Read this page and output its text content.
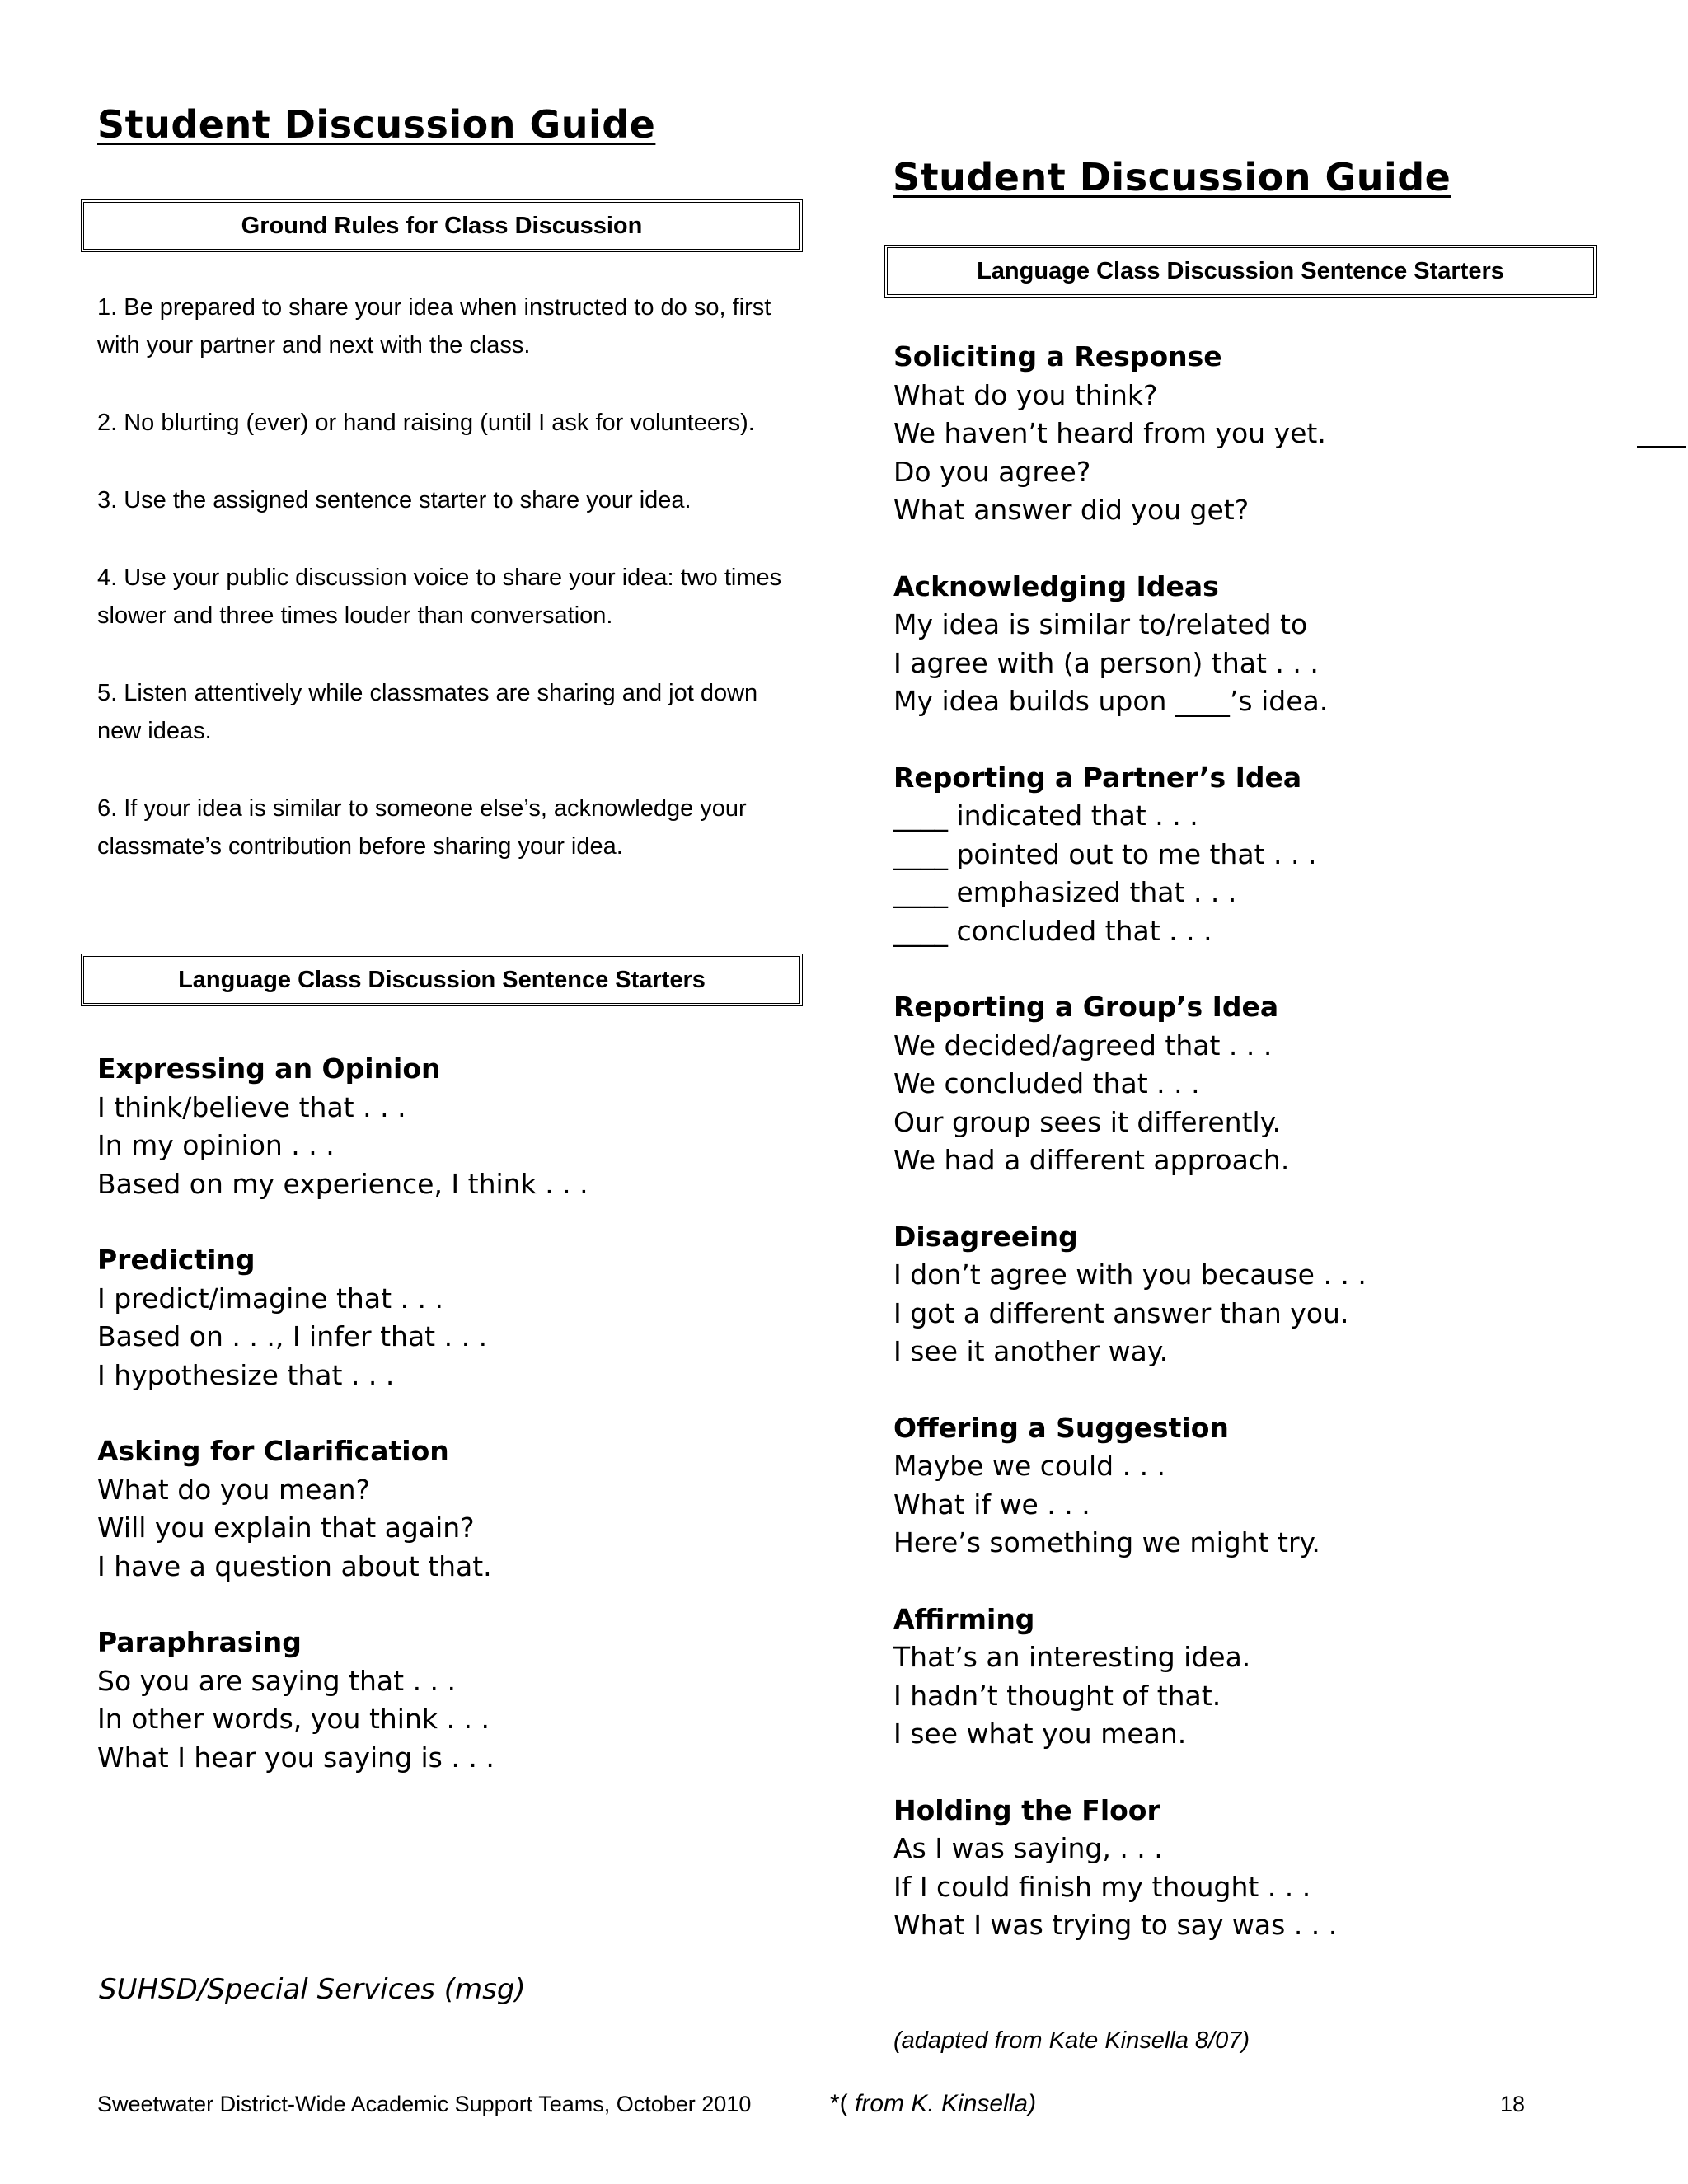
Student Discussion Guide
Ground Rules for Class Discussion

1. Be prepared to share your idea when instructed to do so, first with your partner and next with the class.

2. No blurting (ever) or hand raising (until I ask for volunteers).

3. Use the assigned sentence starter to share your idea.

4. Use your public discussion voice to share your idea: two times slower and three times louder than conversation.

5. Listen attentively while classmates are sharing and jot down new ideas.

6. If your idea is similar to someone else’s, acknowledge your classmate’s contribution before sharing your idea.

Language Class Discussion Sentence Starters
Expressing an Opinion
I think/believe that . . .
In my opinion . . .
Based on my experience, I think . . .
Predicting
I predict/imagine that . . .
Based on . . ., I infer that . . .
I hypothesize that . . .
Asking for Clarification
What do you mean?
Will you explain that again?
I have a question about that.
Paraphrasing
So you are saying that . . .
In other words, you think . . .
What I hear you saying is . . .
SUHSD/Special Services (msg)
Student Discussion Guide
Language Class Discussion Sentence Starters
Soliciting a Response
What do you think?
We haven’t heard from you yet.
Do you agree?
What answer did you get?
Acknowledging Ideas
My idea is similar to/related to
I agree with (a person) that . . .
My idea builds upon ____’s idea.
Reporting a Partner’s Idea
____ indicated that . . .
____ pointed out to me that . . .
____ emphasized that . . .
____ concluded that . . .
Reporting a Group’s Idea
We decided/agreed that . . .
We concluded that . . .
Our group sees it differently.
We had a different approach.
Disagreeing
I don’t agree with you because . . .
I got a different answer than you.
I see it another way.
Offering a Suggestion
Maybe we could . . .
What if we . . .
Here’s something we might try.
Affirming
That’s an interesting idea.
I hadn’t thought of that.
I see what you mean.
Holding the Floor
As I was saying, . . .
If I could finish my thought . . .
What I was trying to say was . . .
(adapted from Kate Kinsella 8/07)
Sweetwater District-Wide Academic Support Teams, October 2010	*( from K. Kinsella)	18
